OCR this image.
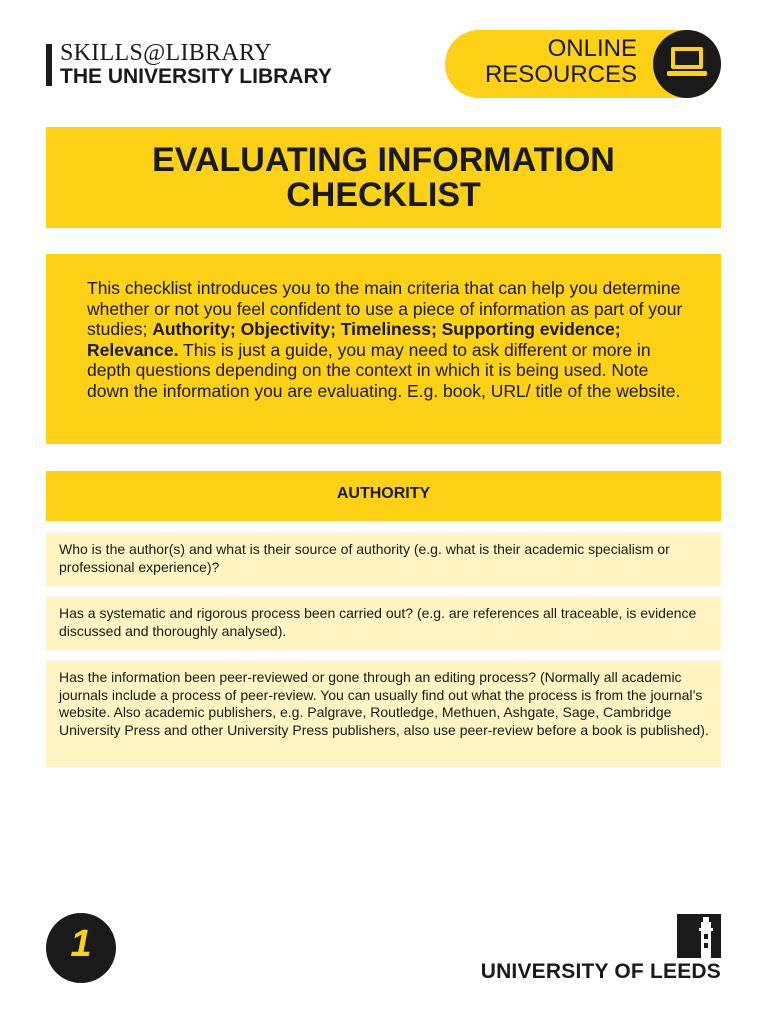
SKILLS@LIBRARY
THE UNIVERSITY LIBRARY
ONLINE
RESOURCES
EVALUATING INFORMATION
CHECKLIST
This checklist introduces you to the main criteria that can help you determine whether or not you feel confident to use a piece of information as part of your studies; Authority; Objectivity; Timeliness; Supporting evidence; Relevance. This is just a guide, you may need to ask different or more in depth questions depending on the context in which it is being used. Note down the information you are evaluating. E.g. book, URL/ title of the website.
AUTHORITY
Who is the author(s) and what is their source of authority (e.g. what is their academic specialism or professional experience)?
Has a systematic and rigorous process been carried out? (e.g. are references all traceable, is evidence discussed and thoroughly analysed).
Has the information been peer-reviewed or gone through an editing process? (Normally all academic journals include a process of peer-review. You can usually find out what the process is from the journal’s website. Also academic publishers, e.g. Palgrave, Routledge, Methuen, Ashgate, Sage, Cambridge University Press and other University Press publishers, also use peer-review before a book is published).
1
UNIVERSITY OF LEEDS
